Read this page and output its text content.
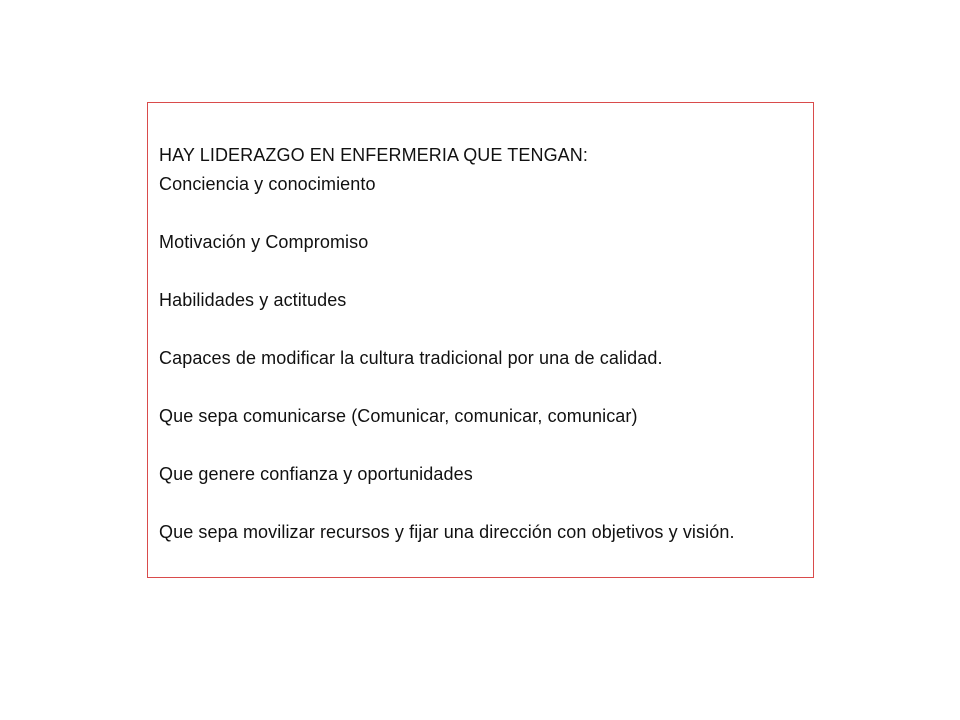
HAY LIDERAZGO EN ENFERMERIA QUE TENGAN:
Conciencia y conocimiento
Motivación y Compromiso
Habilidades y actitudes
Capaces de modificar la cultura tradicional por una de calidad.
Que sepa comunicarse (Comunicar, comunicar, comunicar)
Que genere confianza y oportunidades
Que sepa movilizar recursos y fijar una dirección con objetivos y visión.
